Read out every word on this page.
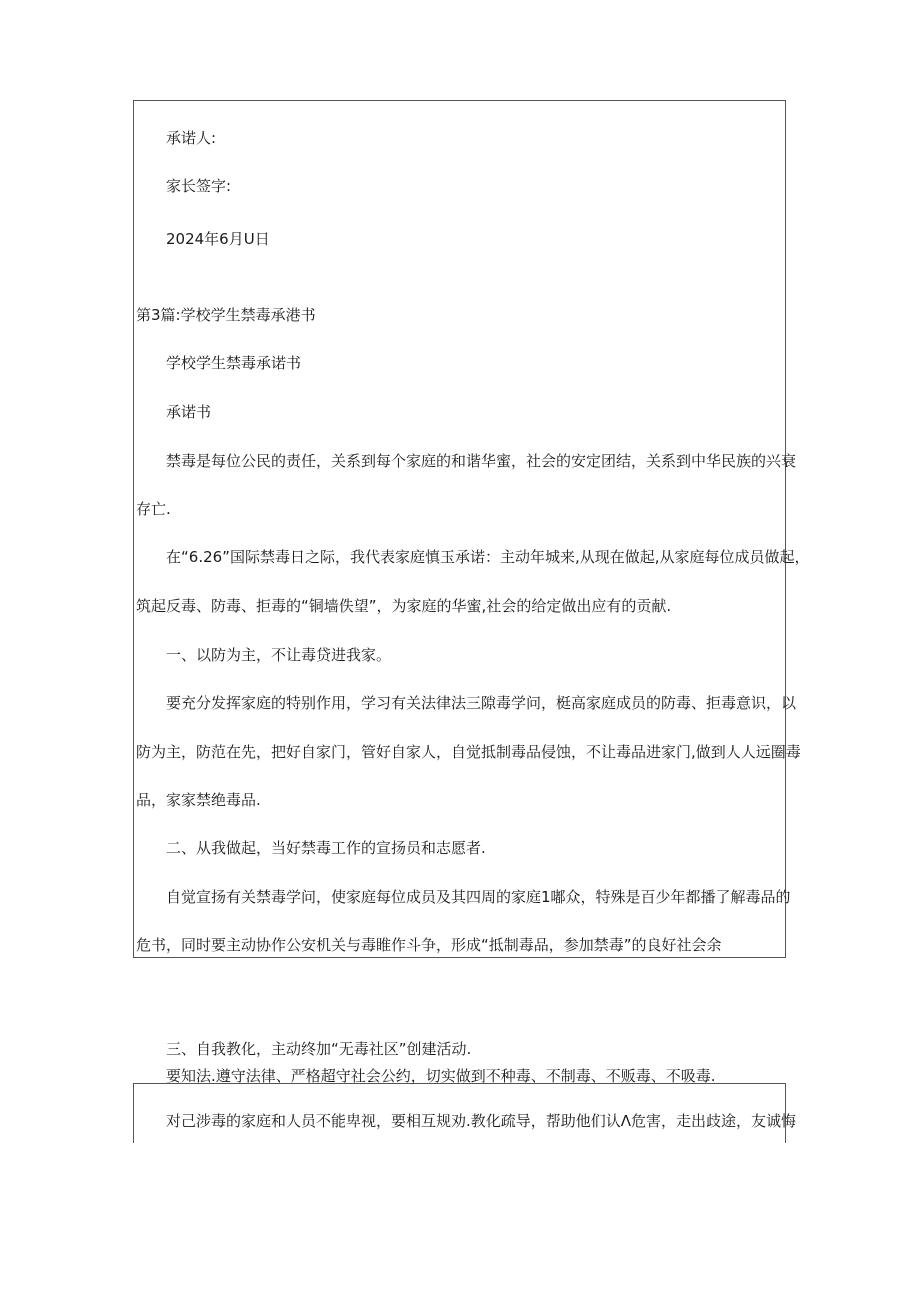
承诺人:
家长签字:
2024年6月U日
第3篇:学校学生禁毒承港书
学校学生禁毒承诺书
承诺书
禁毒是每位公民的责任，关系到每个家庭的和谐华蜜，社会的安定团结，关系到中华民族的兴衰
存亡.
在“6.26”国际禁毒日之际，我代表家庭慎玉承诺：主动年城来,从现在做起,从家庭每位成员做起，
筑起反毒、防毒、拒毒的“铜墙佚望”，为家庭的华蜜,社会的给定做出应有的贡献.
一、以防为主，不让毒贷进我家。
要充分发挥家庭的特别作用，学习有关法律法三隙毒学问，梃高家庭成员的防毒、拒毒意识，以
防为主，防范在先，把好自家门，管好自家人，自觉抵制毒品侵蚀，不让毒品进家门,做到人人远圈毒
品，家家禁绝毒品.
二、从我做起，当好禁毒工作的宣扬员和志愿者.
自觉宣扬有关禁毒学问，使家庭每位成员及其四周的家庭1嘟众，特殊是百少年都播了解毒品的
危书，同时要主动协作公安机关与毒睢作斗争，形成“抵制毒品，参加禁毒”的良好社会余
三、自我教化，主动终加“无毒社区”创建活动.
要知法.遵守法律、严格超守社会公约，切实做到不种毒、不制毒、不贩毒、不吸毒.
对己涉毒的家庭和人员不能卑视，要相互规劝.教化疏导，帮助他们认Λ危害，走出歧途，友诚悔
